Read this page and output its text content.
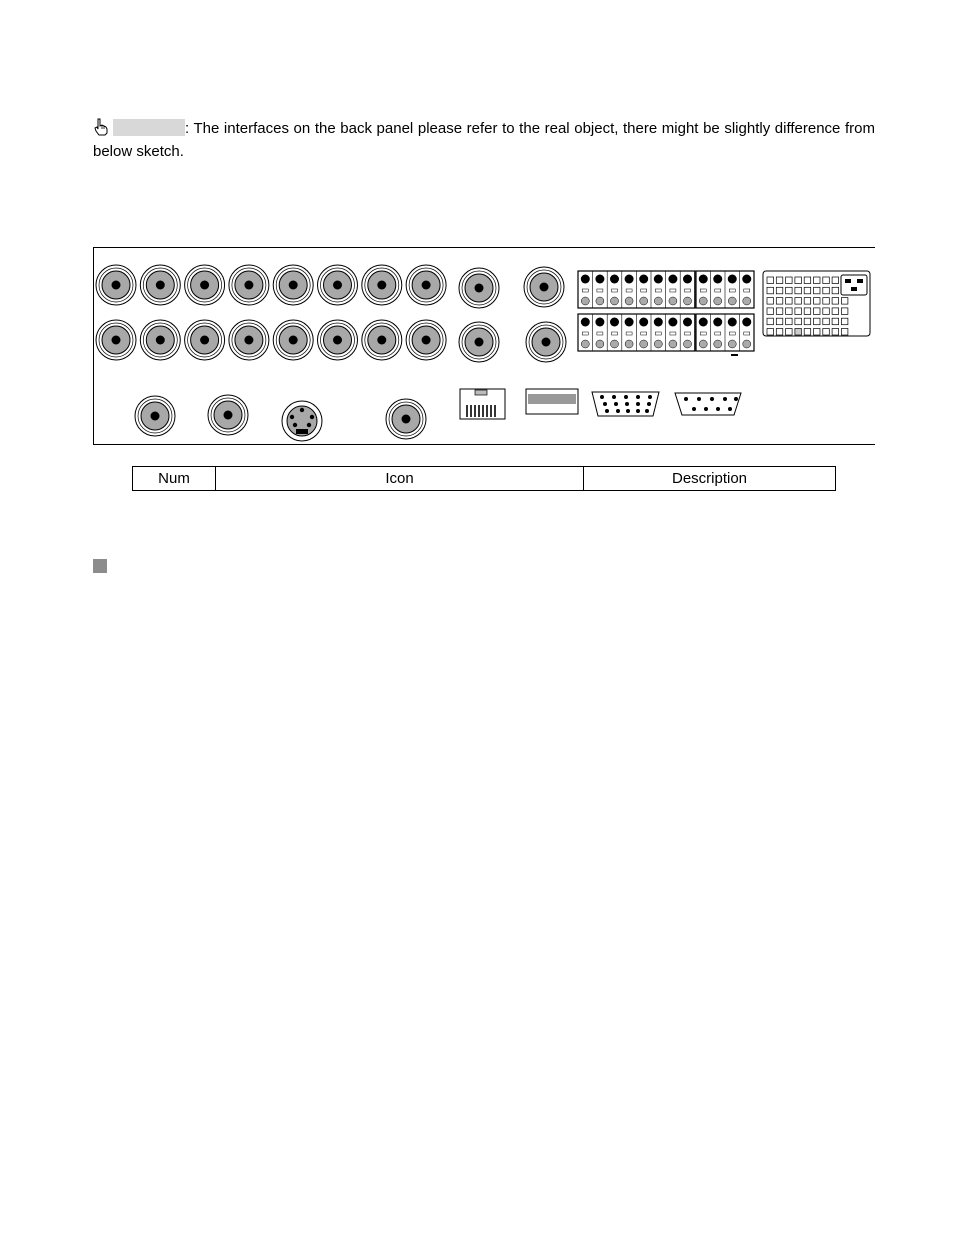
: The interfaces on the back panel please refer to the real object, there might be slightly difference from below sketch.
Num	Icon	Description
